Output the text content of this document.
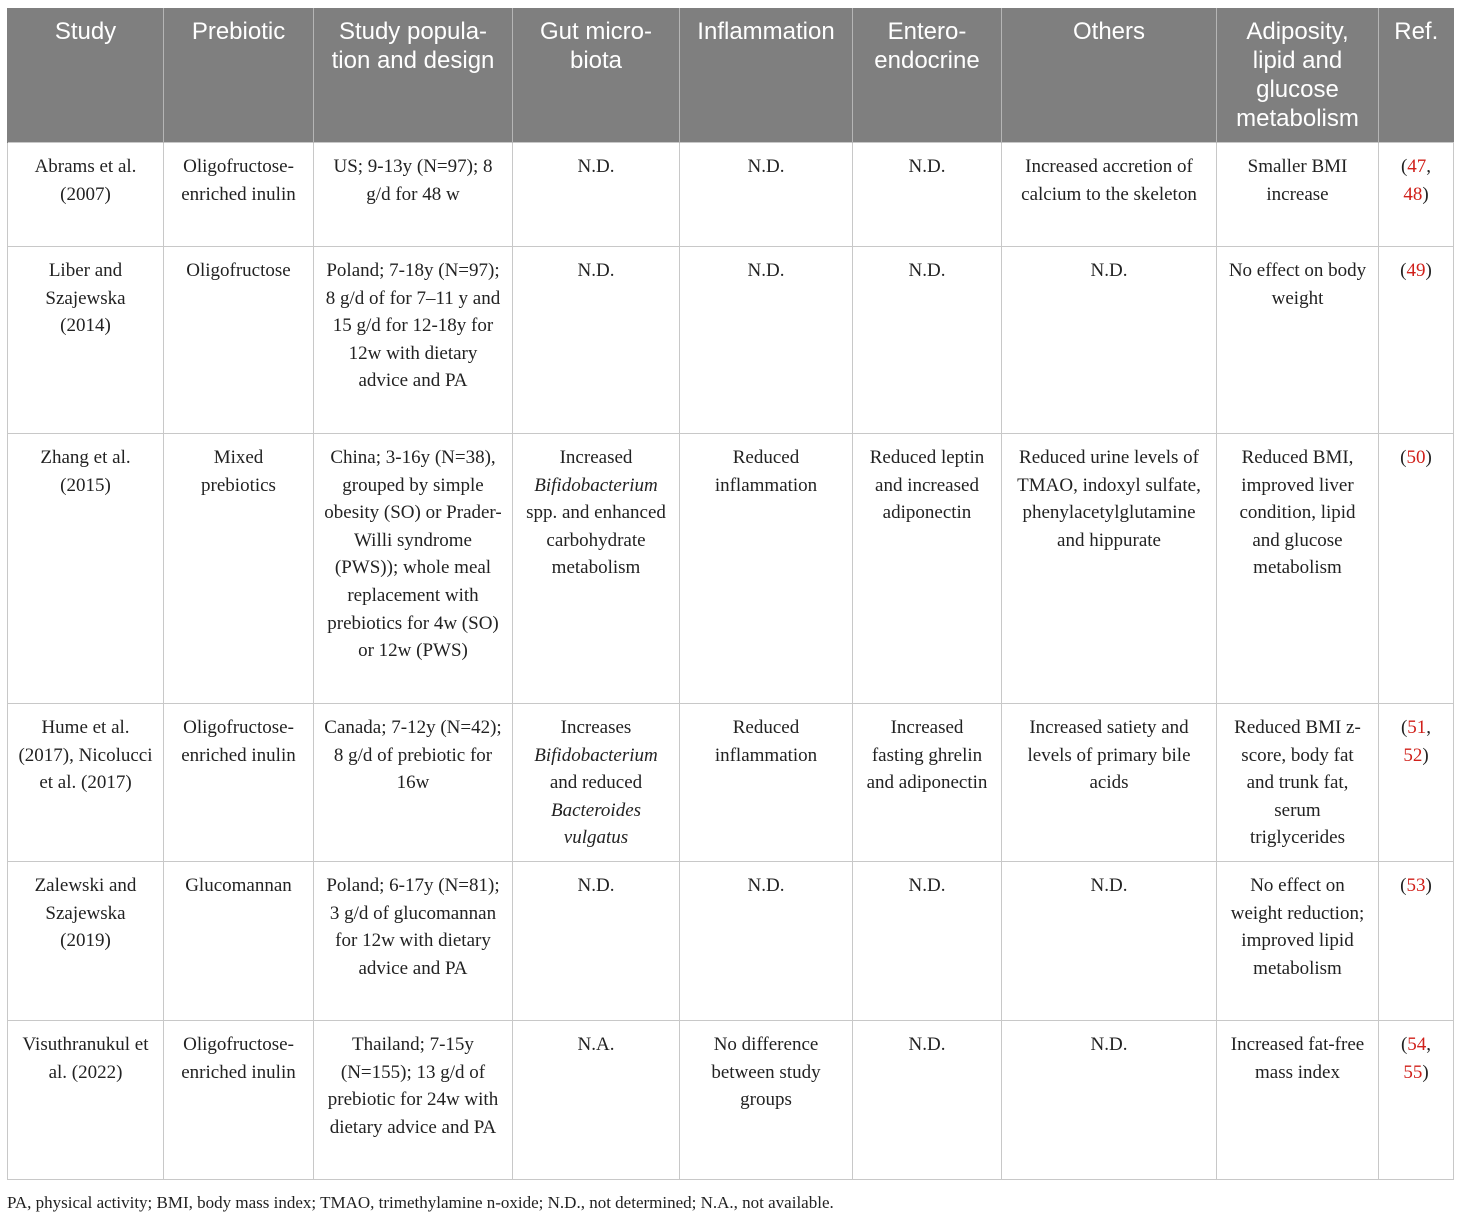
Study	Prebiotic	Study popula-tion and design	Gut micro-biota	Inflammation	Entero-endocrine	Others	Adiposity, lipid and glucose metabolism	Ref.
Abrams et al. (2007)	Oligofructose-enriched inulin	US; 9-13y (N=97); 8 g/d for 48 w	N.D.	N.D.	N.D.	Increased accretion of calcium to the skeleton	Smaller BMI increase	(47, 48)
Liber and Szajewska (2014)	Oligofructose	Poland; 7-18y (N=97); 8 g/d of for 7–11 y and 15 g/d for 12-18y for 12w with dietary advice and PA	N.D.	N.D.	N.D.	N.D.	No effect on body weight	(49)
Zhang et al. (2015)	Mixed prebiotics	China; 3-16y (N=38), grouped by simple obesity (SO) or Prader-Willi syndrome (PWS)); whole meal replacement with prebiotics for 4w (SO) or 12w (PWS)	Increased Bifidobacterium spp. and enhanced carbohydrate metabolism	Reduced inflammation	Reduced leptin and increased adiponectin	Reduced urine levels of TMAO, indoxyl sulfate, phenylacetylglutamine and hippurate	Reduced BMI, improved liver condition, lipid and glucose metabolism	(50)
Hume et al. (2017), Nicolucci et al. (2017)	Oligofructose-enriched inulin	Canada; 7-12y (N=42); 8 g/d of prebiotic for 16w	Increases Bifidobacterium and reduced Bacteroides vulgatus	Reduced inflammation	Increased fasting ghrelin and adiponectin	Increased satiety and levels of primary bile acids	Reduced BMI z-score, body fat and trunk fat, serum triglycerides	(51, 52)
Zalewski and Szajewska (2019)	Glucomannan	Poland; 6-17y (N=81); 3 g/d of glucomannan for 12w with dietary advice and PA	N.D.	N.D.	N.D.	N.D.	No effect on weight reduction; improved lipid metabolism	(53)
Visuthranukul et al. (2022)	Oligofructose-enriched inulin	Thailand; 7-15y (N=155); 13 g/d of prebiotic for 24w with dietary advice and PA	N.A.	No difference between study groups	N.D.	N.D.	Increased fat-free mass index	(54, 55)
PA, physical activity; BMI, body mass index; TMAO, trimethylamine n-oxide; N.D., not determined; N.A., not available.
